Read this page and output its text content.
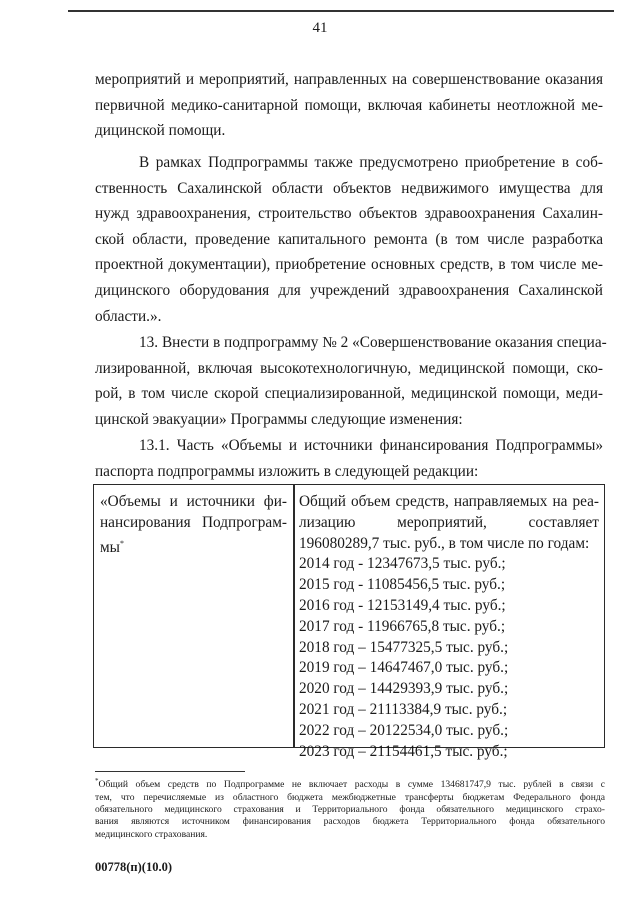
41
мероприятий и мероприятий, направленных на совершенствование оказания
первичной медико-санитарной помощи, включая кабинеты неотложной ме-
дицинской помощи.
В рамках Подпрограммы также предусмотрено приобретение в соб-
ственность Сахалинской области объектов недвижимого имущества для
нужд здравоохранения, строительство объектов здравоохранения Сахалин-
ской области, проведение капитального ремонта (в том числе разработка
проектной документации), приобретение основных средств, в том числе ме-
дицинского оборудования для учреждений здравоохранения Сахалинской
области.».
13. Внести в подпрограмму № 2 «Совершенствование оказания специа-
лизированной, включая высокотехнологичную, медицинской помощи, ско-
рой, в том числе скорой специализированной, медицинской помощи, меди-
цинской эвакуации» Программы следующие изменения:
13.1. Часть «Объемы и источники финансирования Подпрограммы»
паспорта подпрограммы изложить в следующей редакции:
«Объемы и источники фи-
нансирования Подпрограм-
мы*
Общий объем средств, направляемых на реа-
лизацию мероприятий, составляет
196080289,7 тыс. руб., в том числе по годам:
2014 год - 12347673,5 тыс. руб.;
2015 год - 11085456,5 тыс. руб.;
2016 год - 12153149,4 тыс. руб.;
2017 год - 11966765,8 тыс. руб.;
2018 год – 15477325,5 тыс. руб.;
2019 год – 14647467,0 тыс. руб.;
2020 год – 14429393,9 тыс. руб.;
2021 год – 21113384,9 тыс. руб.;
2022 год – 20122534,0 тыс. руб.;
2023 год – 21154461,5 тыс. руб.;
*Общий объем средств по Подпрограмме не включает расходы в сумме 134681747,9 тыс. рублей в связи с
тем, что перечисляемые из областного бюджета межбюджетные трансферты бюджетам Федерального фонда
обязательного медицинского страхования и Территориального фонда обязательного медицинского страхо-
вания являются источником финансирования расходов бюджета Территориального фонда обязательного
медицинского страхования.
00778(п)(10.0)
